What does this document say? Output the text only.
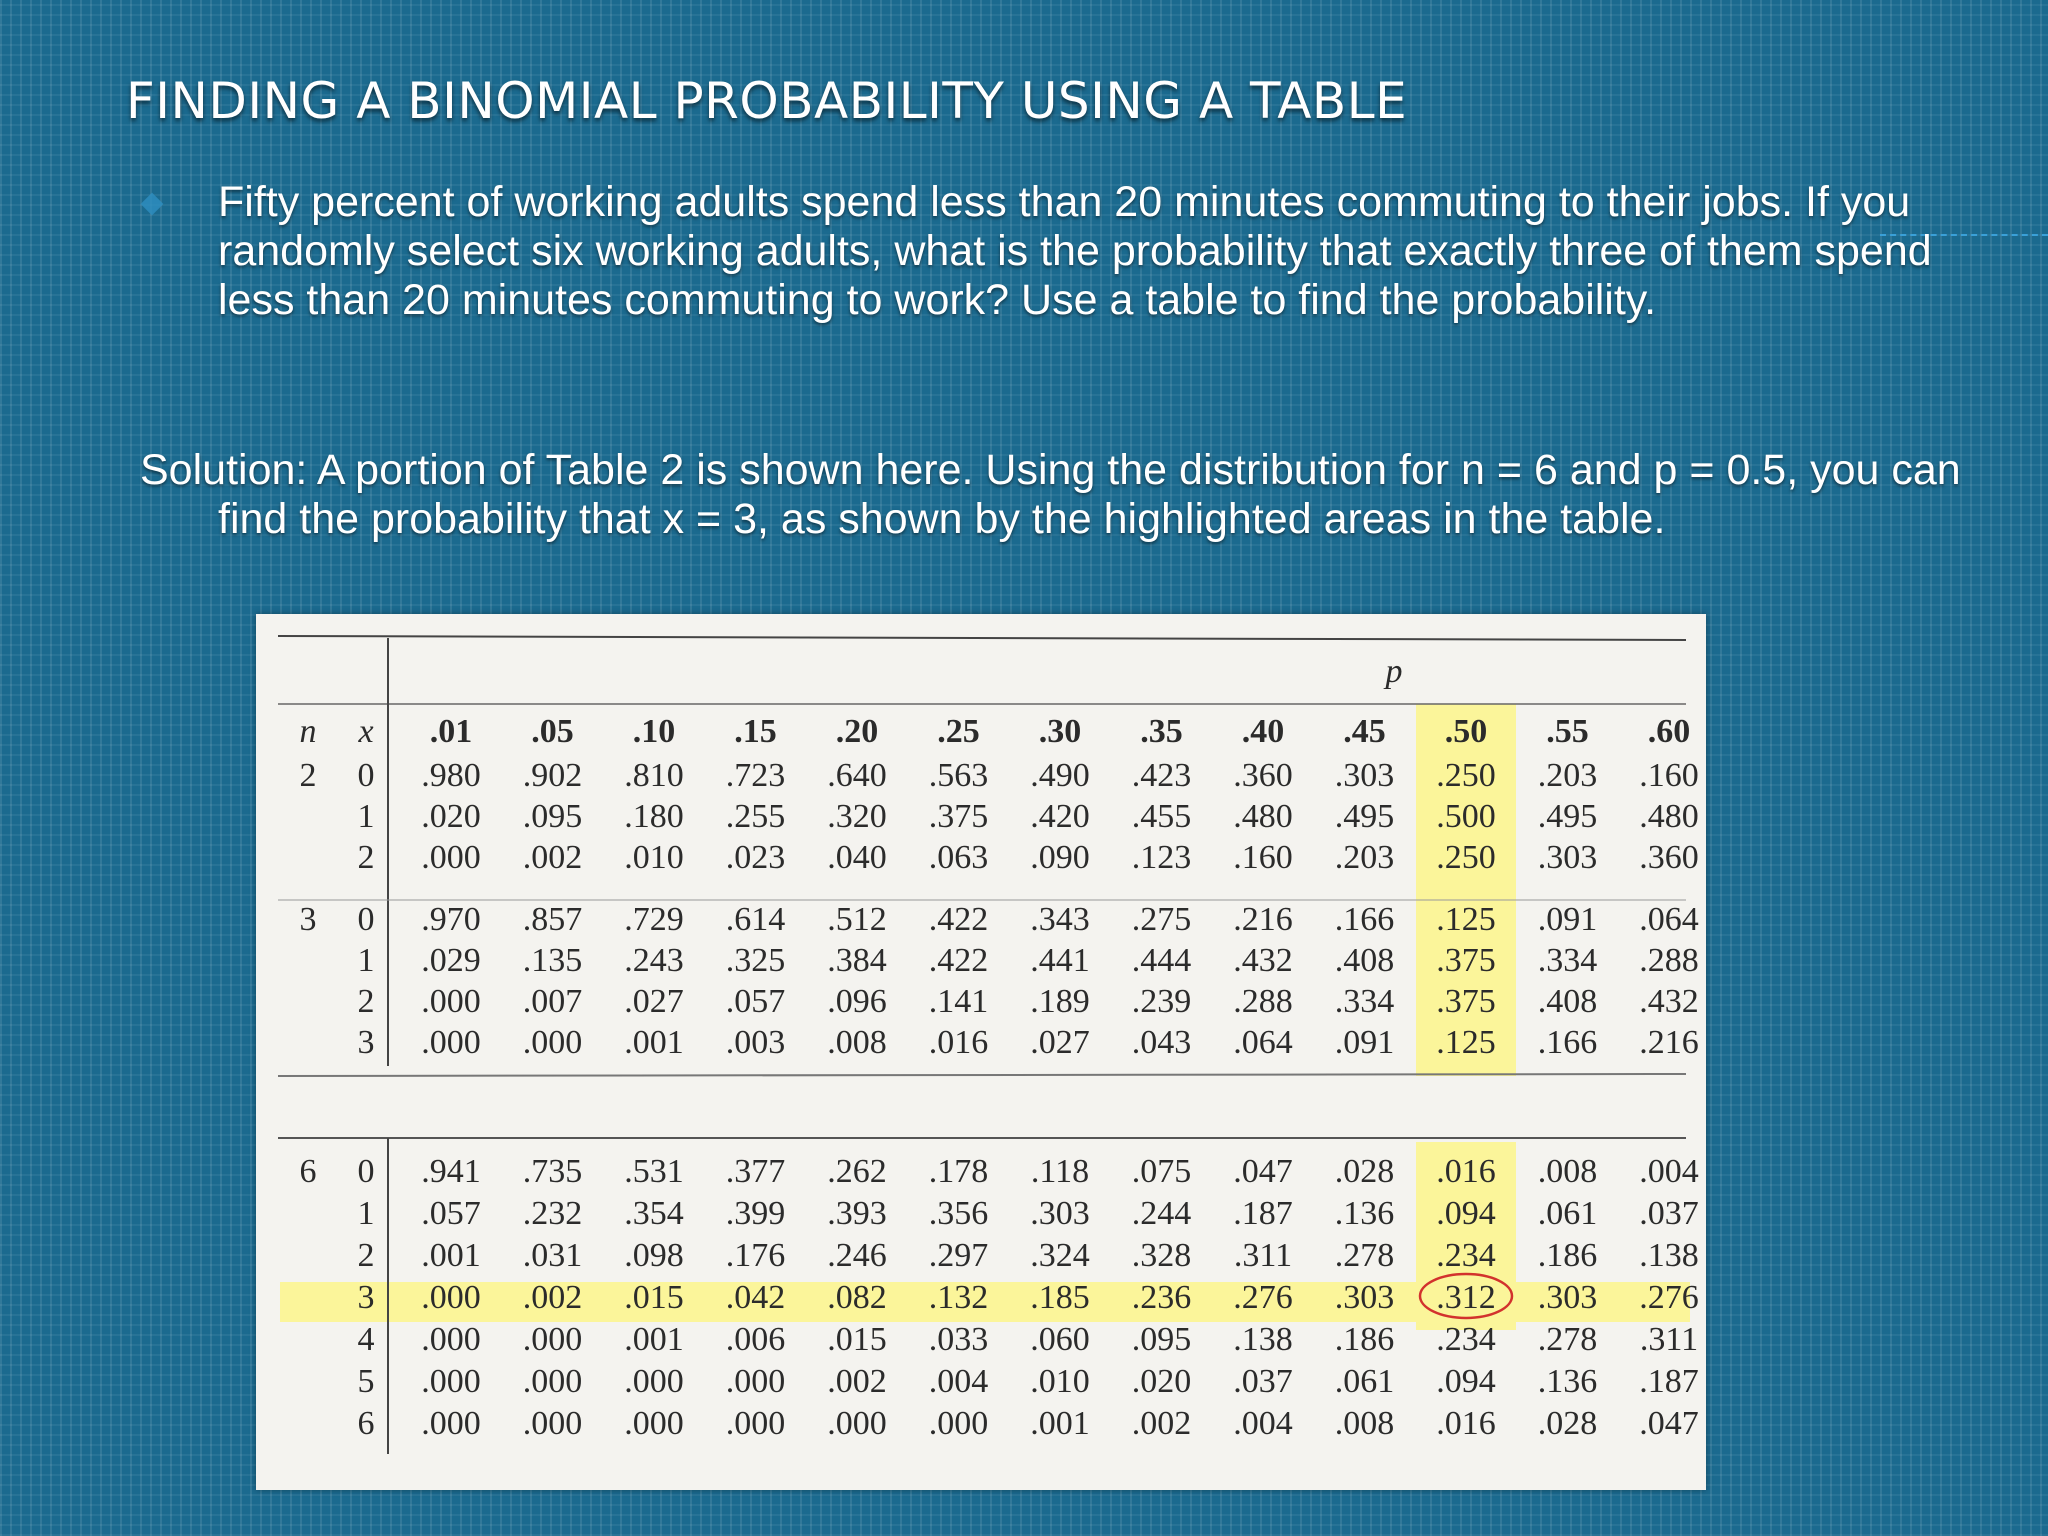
FINDING A BINOMIAL PROBABILITY USING A TABLE
Fifty percent of working adults spend less than 20 minutes commuting to their jobs. If you randomly select six working adults, what is the probability that exactly three of them spend less than 20 minutes commuting to work? Use a table to find the probability.
Solution: A portion of Table 2 is shown here. Using the distribution for n = 6 and p = 0.5, you can find the probability that x = 3, as shown by the highlighted areas in the table.
p
n x .01 .05 .10 .15 .20 .25 .30 .35 .40 .45 .50 .55 .60
2 0 .980 .902 .810 .723 .640 .563 .490 .423 .360 .303 .250 .203 .160
1 .020 .095 .180 .255 .320 .375 .420 .455 .480 .495 .500 .495 .480
2 .000 .002 .010 .023 .040 .063 .090 .123 .160 .203 .250 .303 .360
3 0 .970 .857 .729 .614 .512 .422 .343 .275 .216 .166 .125 .091 .064
1 .029 .135 .243 .325 .384 .422 .441 .444 .432 .408 .375 .334 .288
2 .000 .007 .027 .057 .096 .141 .189 .239 .288 .334 .375 .408 .432
3 .000 .000 .001 .003 .008 .016 .027 .043 .064 .091 .125 .166 .216
6 0 .941 .735 .531 .377 .262 .178 .118 .075 .047 .028 .016 .008 .004
1 .057 .232 .354 .399 .393 .356 .303 .244 .187 .136 .094 .061 .037
2 .001 .031 .098 .176 .246 .297 .324 .328 .311 .278 .234 .186 .138
3 .000 .002 .015 .042 .082 .132 .185 .236 .276 .303 .312 .303 .276
4 .000 .000 .001 .006 .015 .033 .060 .095 .138 .186 .234 .278 .311
5 .000 .000 .000 .000 .002 .004 .010 .020 .037 .061 .094 .136 .187
6 .000 .000 .000 .000 .000 .000 .001 .002 .004 .008 .016 .028 .047
